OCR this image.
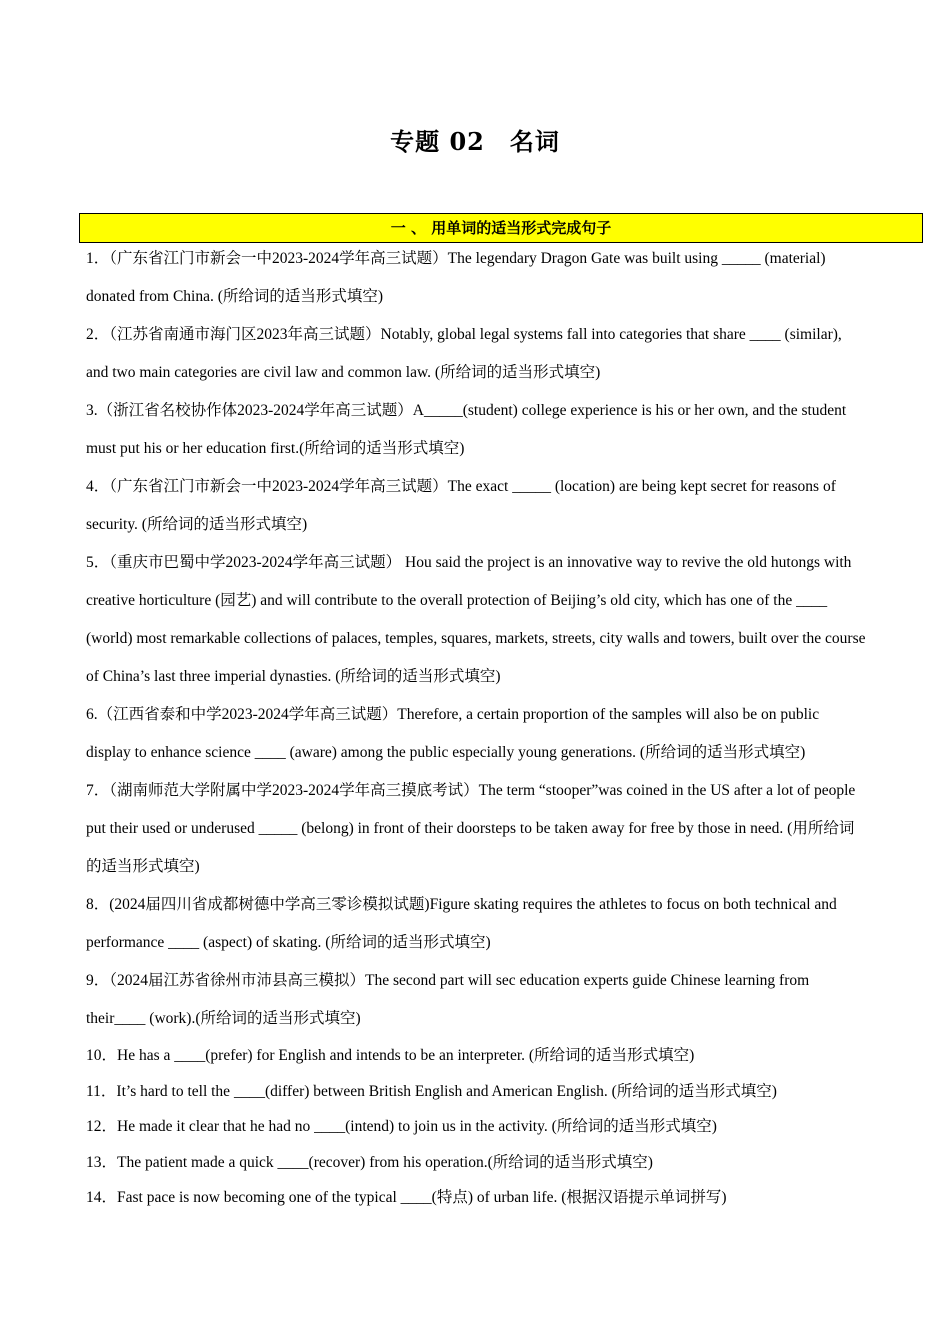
专题 02　名词
一 、 用单词的适当形式完成句子

1．（广东省江门市新会一中2023-2024学年高三试题）The legendary Dragon Gate was built using _____ (material) donated from China. (所给词的适当形式填空)

2．（江苏省南通市海门区2023年高三试题）Notably, global legal systems fall into categories that share ____ (similar), and two main categories are civil law and common law. (所给词的适当形式填空)

3.（浙江省名校协作体2023-2024学年高三试题）A_____(student) college experience is his or her own, and the student must put his or her education first.(所给词的适当形式填空)

4．（广东省江门市新会一中2023-2024学年高三试题）The exact _____ (location) are being kept secret for reasons of security. (所给词的适当形式填空)

5．（重庆市巴蜀中学2023-2024学年高三试题） Hou said the project is an innovative way to revive the old hutongs with creative horticulture (园艺) and will contribute to the overall protection of Beijing’s old city, which has one of the ____ (world) most remarkable collections of palaces, temples, squares, markets, streets, city walls and towers, built over the course of China’s last three imperial dynasties. (所给词的适当形式填空)

6.（江西省泰和中学2023-2024学年高三试题）Therefore, a certain proportion of the samples will also be on public display to enhance science ____ (aware) among the public especially young generations. (所给词的适当形式填空)

7．（湖南师范大学附属中学2023-2024学年高三摸底考试）The term “stooper”was coined in the US after a lot of people put their used or underused _____ (belong) in front of their doorsteps to be taken away for free by those in need. (用所给词的适当形式填空)

8．(2024届四川省成都树德中学高三零诊模拟试题)Figure skating requires the athletes to focus on both technical and performance ____ (aspect) of skating. (所给词的适当形式填空)

9．（2024届江苏省徐州市沛县高三模拟）The second part will sec education experts guide Chinese learning from their____ (work).(所给词的适当形式填空)

10．He has a ____(prefer) for English and intends to be an interpreter. (所给词的适当形式填空)

11．It’s hard to tell the ____(differ) between British English and American English. (所给词的适当形式填空)

12．He made it clear that he had no ____(intend) to join us in the activity. (所给词的适当形式填空)

13．The patient made a quick ____(recover) from his operation.(所给词的适当形式填空)

14．Fast pace is now becoming one of the typical ____(特点) of urban life. (根据汉语提示单词拼写)
